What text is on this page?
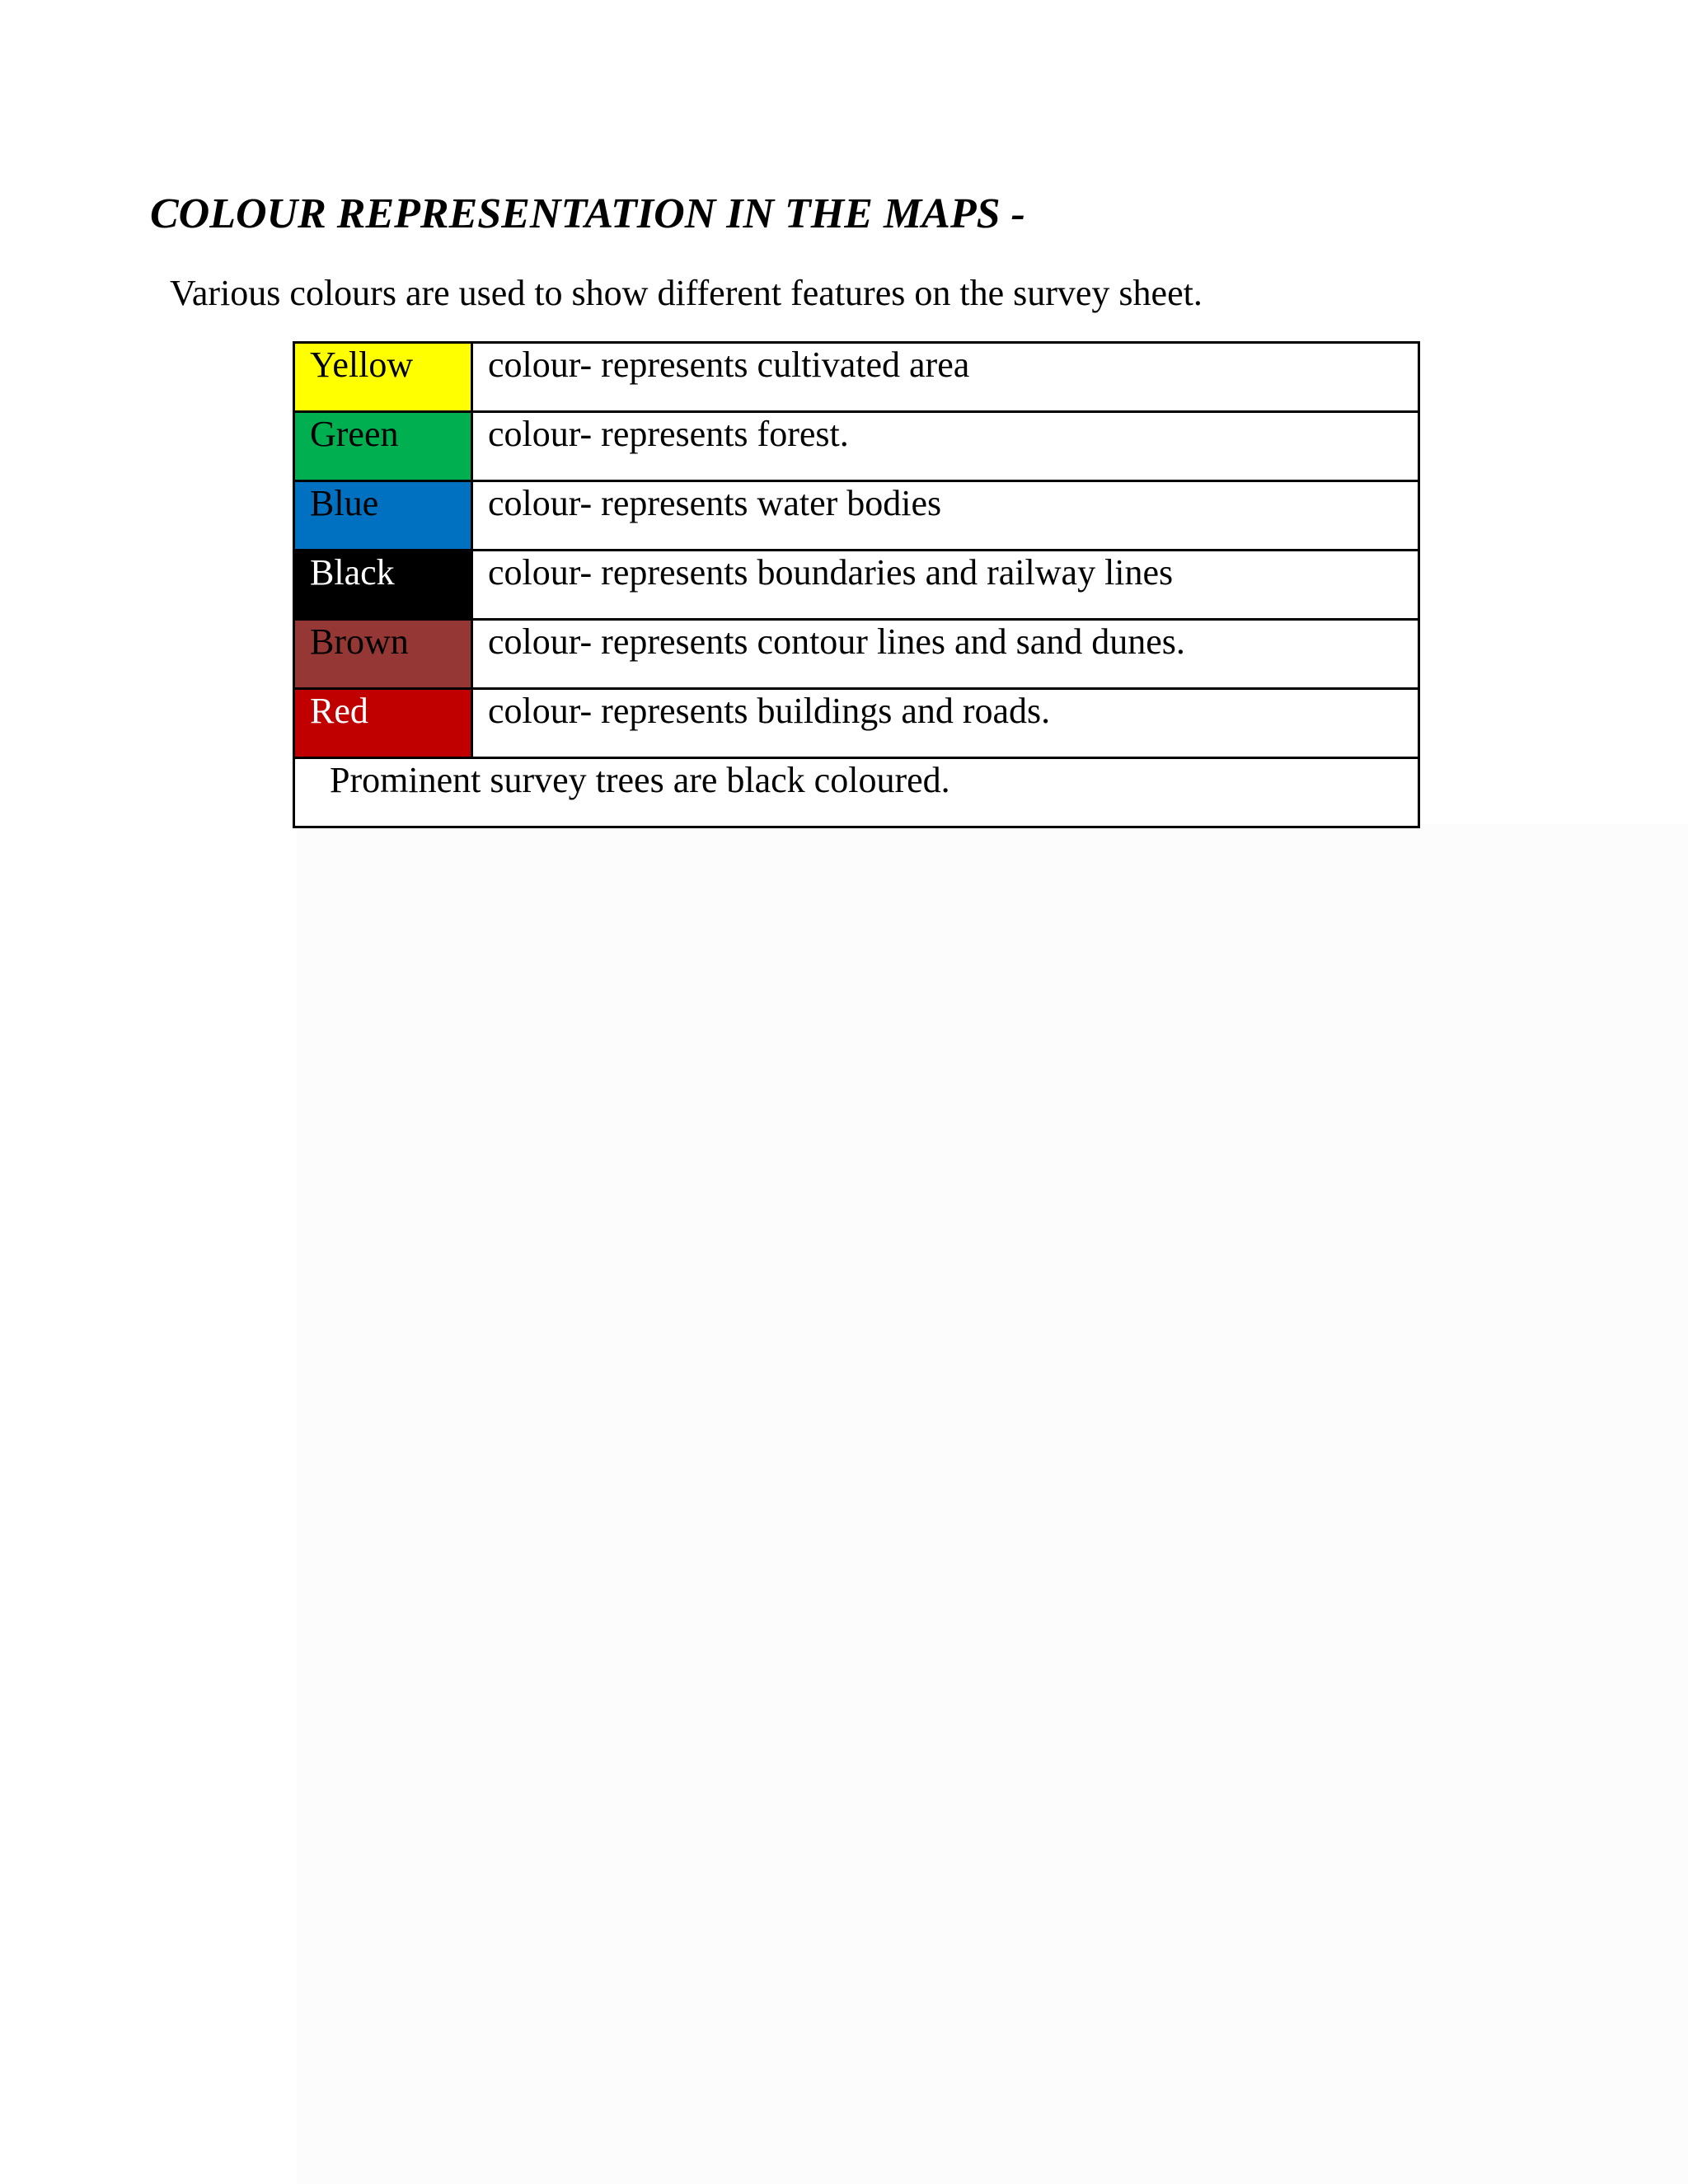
COLOUR REPRESENTATION IN THE MAPS -
Various colours are used to show different features on the survey sheet.
Yellow	colour- represents cultivated area
Green	colour- represents forest.
Blue	colour- represents water bodies
Black	colour- represents boundaries and railway lines
Brown	colour- represents contour lines and sand dunes.
Red	colour- represents buildings and roads.
Prominent survey trees are black coloured.	
